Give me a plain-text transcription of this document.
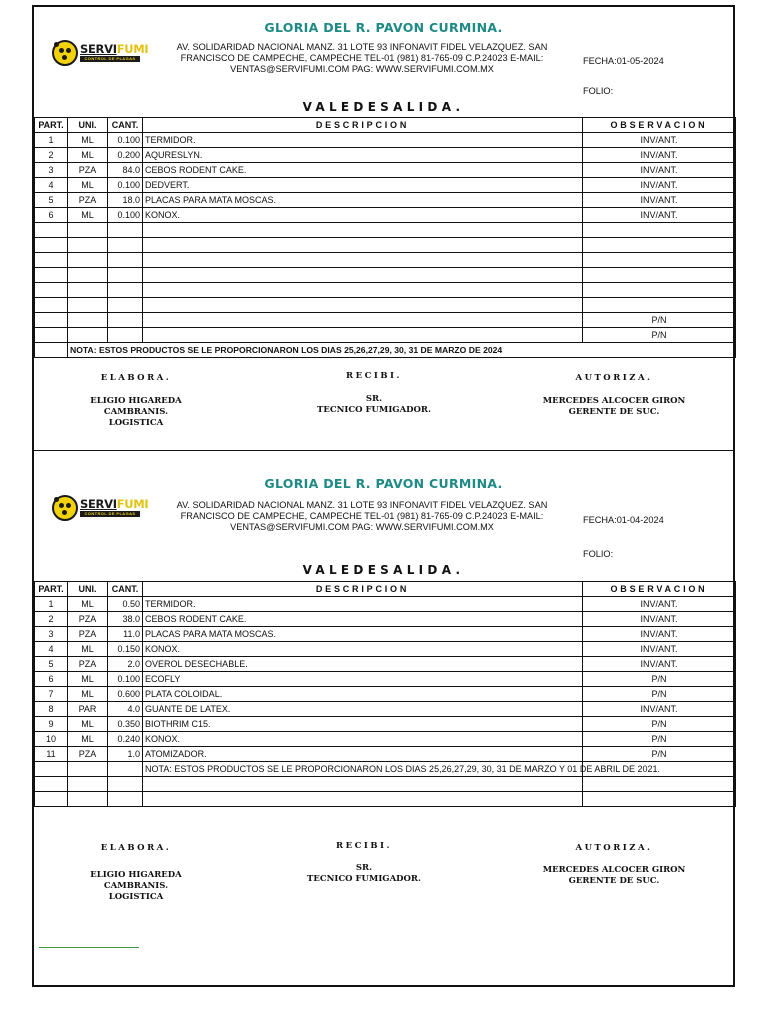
GLORIA DEL R. PAVON CURMINA.
SERVIFUMI
CONTROL DE PLAGAS
AV. SOLIDARIDAD NACIONAL MANZ. 31 LOTE 93 INFONAVIT FIDEL VELAZQUEZ. SAN FRANCISCO DE CAMPECHE, CAMPECHE TEL-01 (981) 81-765-09 C.P.24023 E-MAIL: VENTAS@SERVIFUMI.COM PAG: WWW.SERVIFUMI.COM.MX
FECHA:01-05-2024
FOLIO:
VALEDESALIDA.
PART.	UNI.	CANT.	DESCRIPCION	OBSERVACION
1	ML	0.100	TERMIDOR.	INV/ANT.
2	ML	0.200	AQURESLYN.	INV/ANT.
3	PZA	84.0	CEBOS RODENT CAKE.	INV/ANT.
4	ML	0.100	DEDVERT.	INV/ANT.
5	PZA	18.0	PLACAS PARA MATA MOSCAS.	INV/ANT.
6	ML	0.100	KONOX.	INV/ANT.

				P/N
				P/N
	NOTA: ESTOS PRODUCTOS SE LE PROPORCIONARON LOS DIAS 25,26,27,29, 30, 31 DE MARZO DE 2024			
ELABORA.
ELIGIO HIGAREDA CAMBRANIS.
LOGISTICA
RECIBI.
SR.
TECNICO FUMIGADOR.
AUTORIZA.
MERCEDES ALCOCER GIRON
GERENTE DE SUC.
GLORIA DEL R. PAVON CURMINA.
SERVIFUMI
CONTROL DE PLAGAS
AV. SOLIDARIDAD NACIONAL MANZ. 31 LOTE 93 INFONAVIT FIDEL VELAZQUEZ. SAN FRANCISCO DE CAMPECHE, CAMPECHE TEL-01 (981) 81-765-09 C.P.24023 E-MAIL: VENTAS@SERVIFUMI.COM PAG: WWW.SERVIFUMI.COM.MX
FECHA:01-04-2024
FOLIO:
VALEDESALIDA.
PART.	UNI.	CANT.	DESCRIPCION	OBSERVACION
1	ML	0.50	TERMIDOR.	INV/ANT.
2	PZA	38.0	CEBOS RODENT CAKE.	INV/ANT.
3	PZA	11.0	PLACAS PARA MATA MOSCAS.	INV/ANT.
4	ML	0.150	KONOX.	INV/ANT.
5	PZA	2.0	OVEROL DESECHABLE.	INV/ANT.
6	ML	0.100	ECOFLY	P/N
7	ML	0.600	PLATA COLOIDAL.	P/N
8	PAR	4.0	GUANTE DE LATEX.	INV/ANT.
9	ML	0.350	BIOTHRIM C15.	P/N
10	ML	0.240	KONOX.	P/N
11	PZA	1.0	ATOMIZADOR.	P/N
			NOTA: ESTOS PRODUCTOS SE LE PROPORCIONARON LOS DIAS 25,26,27,29, 30, 31 DE MARZO Y 01 DE ABRIL DE 2021.	

ELABORA.
ELIGIO HIGAREDA CAMBRANIS.
LOGISTICA
RECIBI.
SR.
TECNICO FUMIGADOR.
AUTORIZA.
MERCEDES ALCOCER GIRON
GERENTE DE SUC.
